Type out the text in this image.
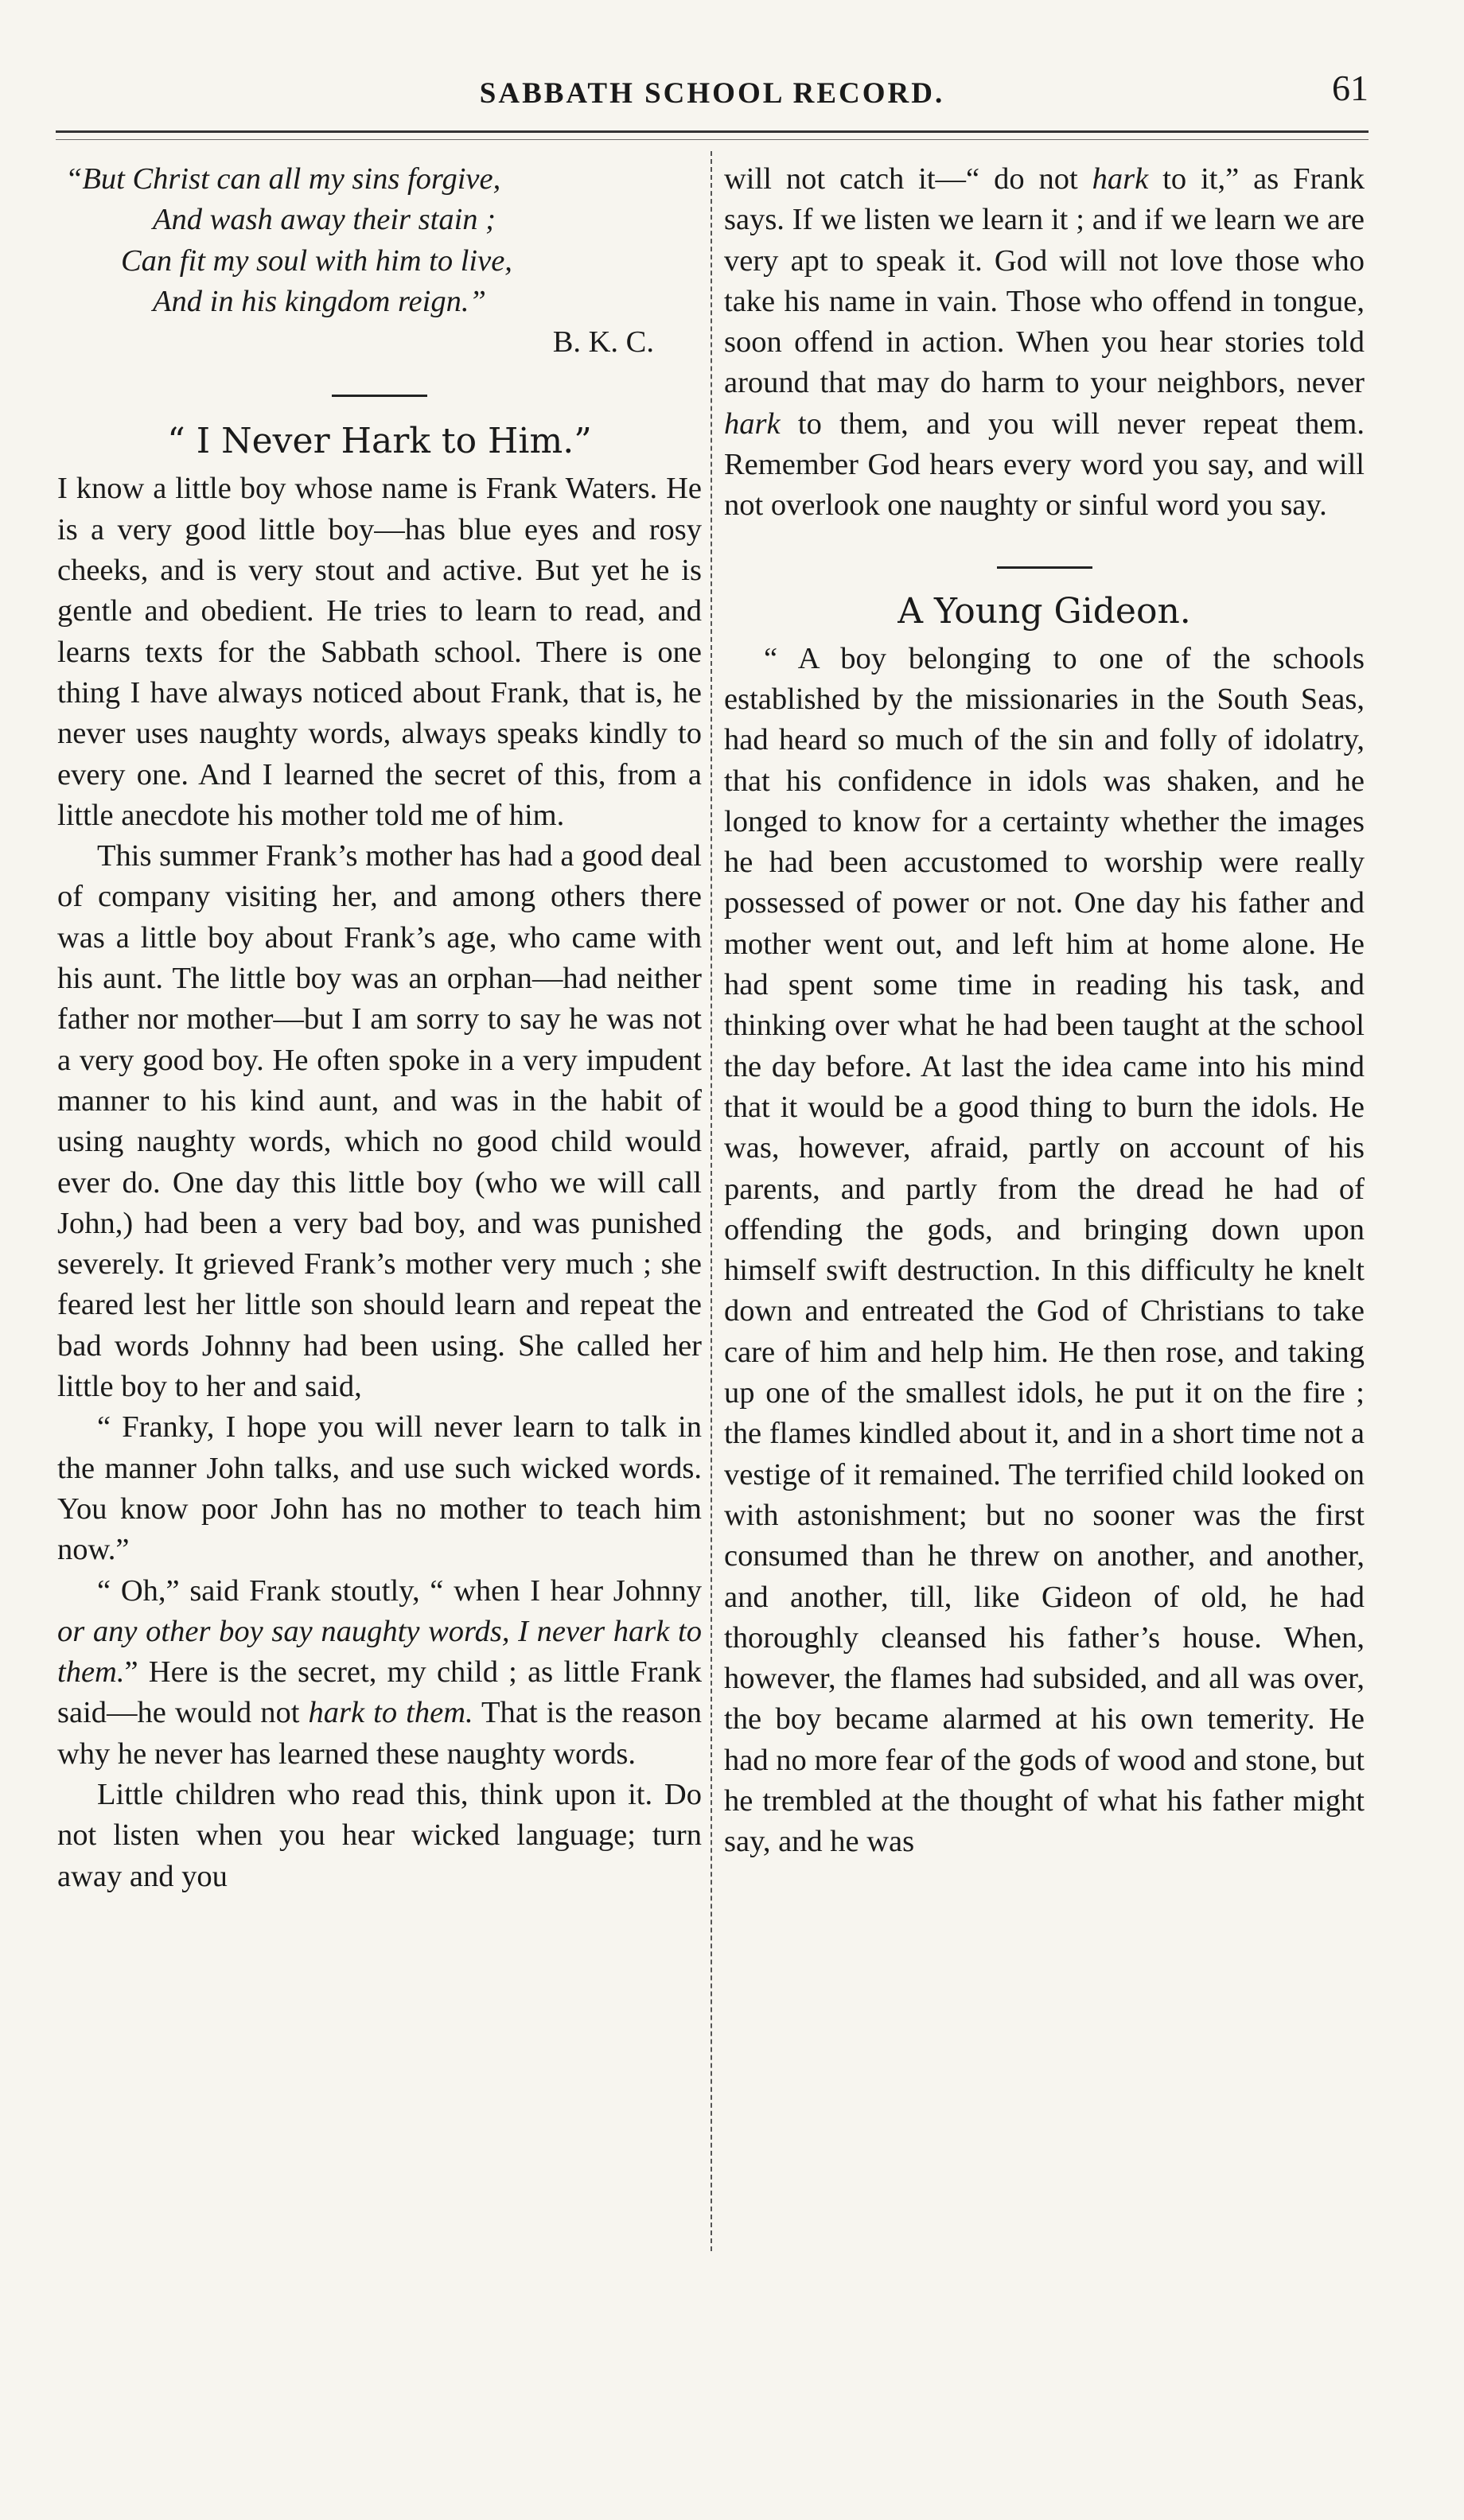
SABBATH SCHOOL RECORD.	61
“But Christ can all my sins forgive,
And wash away their stain ;
Can fit my soul with him to live,
And in his kingdom reign.”
B. K. C.
“ I Never Hark to Him.”

I know a little boy whose name is Frank Waters. He is a very good little boy—has blue eyes and rosy cheeks, and is very stout and active. But yet he is gentle and obedient. He tries to learn to read, and learns texts for the Sabbath school. There is one thing I have always noticed about Frank, that is, he never uses naughty words, always speaks kindly to every one. And I learned the secret of this, from a little anecdote his mother told me of him.

This summer Frank’s mother has had a good deal of company visiting her, and among others there was a little boy about Frank’s age, who came with his aunt. The little boy was an orphan—had neither father nor mother—but I am sorry to say he was not a very good boy. He often spoke in a very impudent manner to his kind aunt, and was in the habit of using naughty words, which no good child would ever do. One day this little boy (who we will call John,) had been a very bad boy, and was punished severely. It grieved Frank’s mother very much ; she feared lest her little son should learn and repeat the bad words Johnny had been using. She called her little boy to her and said,

“ Franky, I hope you will never learn to talk in the manner John talks, and use such wicked words. You know poor John has no mother to teach him now.”

“ Oh,” said Frank stoutly, “ when I hear Johnny or any other boy say naughty words, I never hark to them.” Here is the secret, my child ; as little Frank said—he would not hark to them. That is the reason why he never has learned these naughty words.

Little children who read this, think upon it. Do not listen when you hear wicked language; turn away and you

will not catch it—“ do not hark to it,” as Frank says. If we listen we learn it ; and if we learn we are very apt to speak it. God will not love those who take his name in vain. Those who offend in tongue, soon offend in action. When you hear stories told around that may do harm to your neighbors, never hark to them, and you will never repeat them. Remember God hears every word you say, and will not overlook one naughty or sinful word you say.

A Young Gideon.

“ A boy belonging to one of the schools established by the missionaries in the South Seas, had heard so much of the sin and folly of idolatry, that his confidence in idols was shaken, and he longed to know for a certainty whether the images he had been accustomed to worship were really possessed of power or not. One day his father and mother went out, and left him at home alone. He had spent some time in reading his task, and thinking over what he had been taught at the school the day before. At last the idea came into his mind that it would be a good thing to burn the idols. He was, however, afraid, partly on account of his parents, and partly from the dread he had of offending the gods, and bringing down upon himself swift destruction. In this difficulty he knelt down and entreated the God of Christians to take care of him and help him. He then rose, and taking up one of the smallest idols, he put it on the fire ; the flames kindled about it, and in a short time not a vestige of it remained. The terrified child looked on with astonishment; but no sooner was the first consumed than he threw on another, and another, and another, till, like Gideon of old, he had thoroughly cleansed his father’s house. When, however, the flames had subsided, and all was over, the boy became alarmed at his own temerity. He had no more fear of the gods of wood and stone, but he trembled at the thought of what his father might say, and he was
